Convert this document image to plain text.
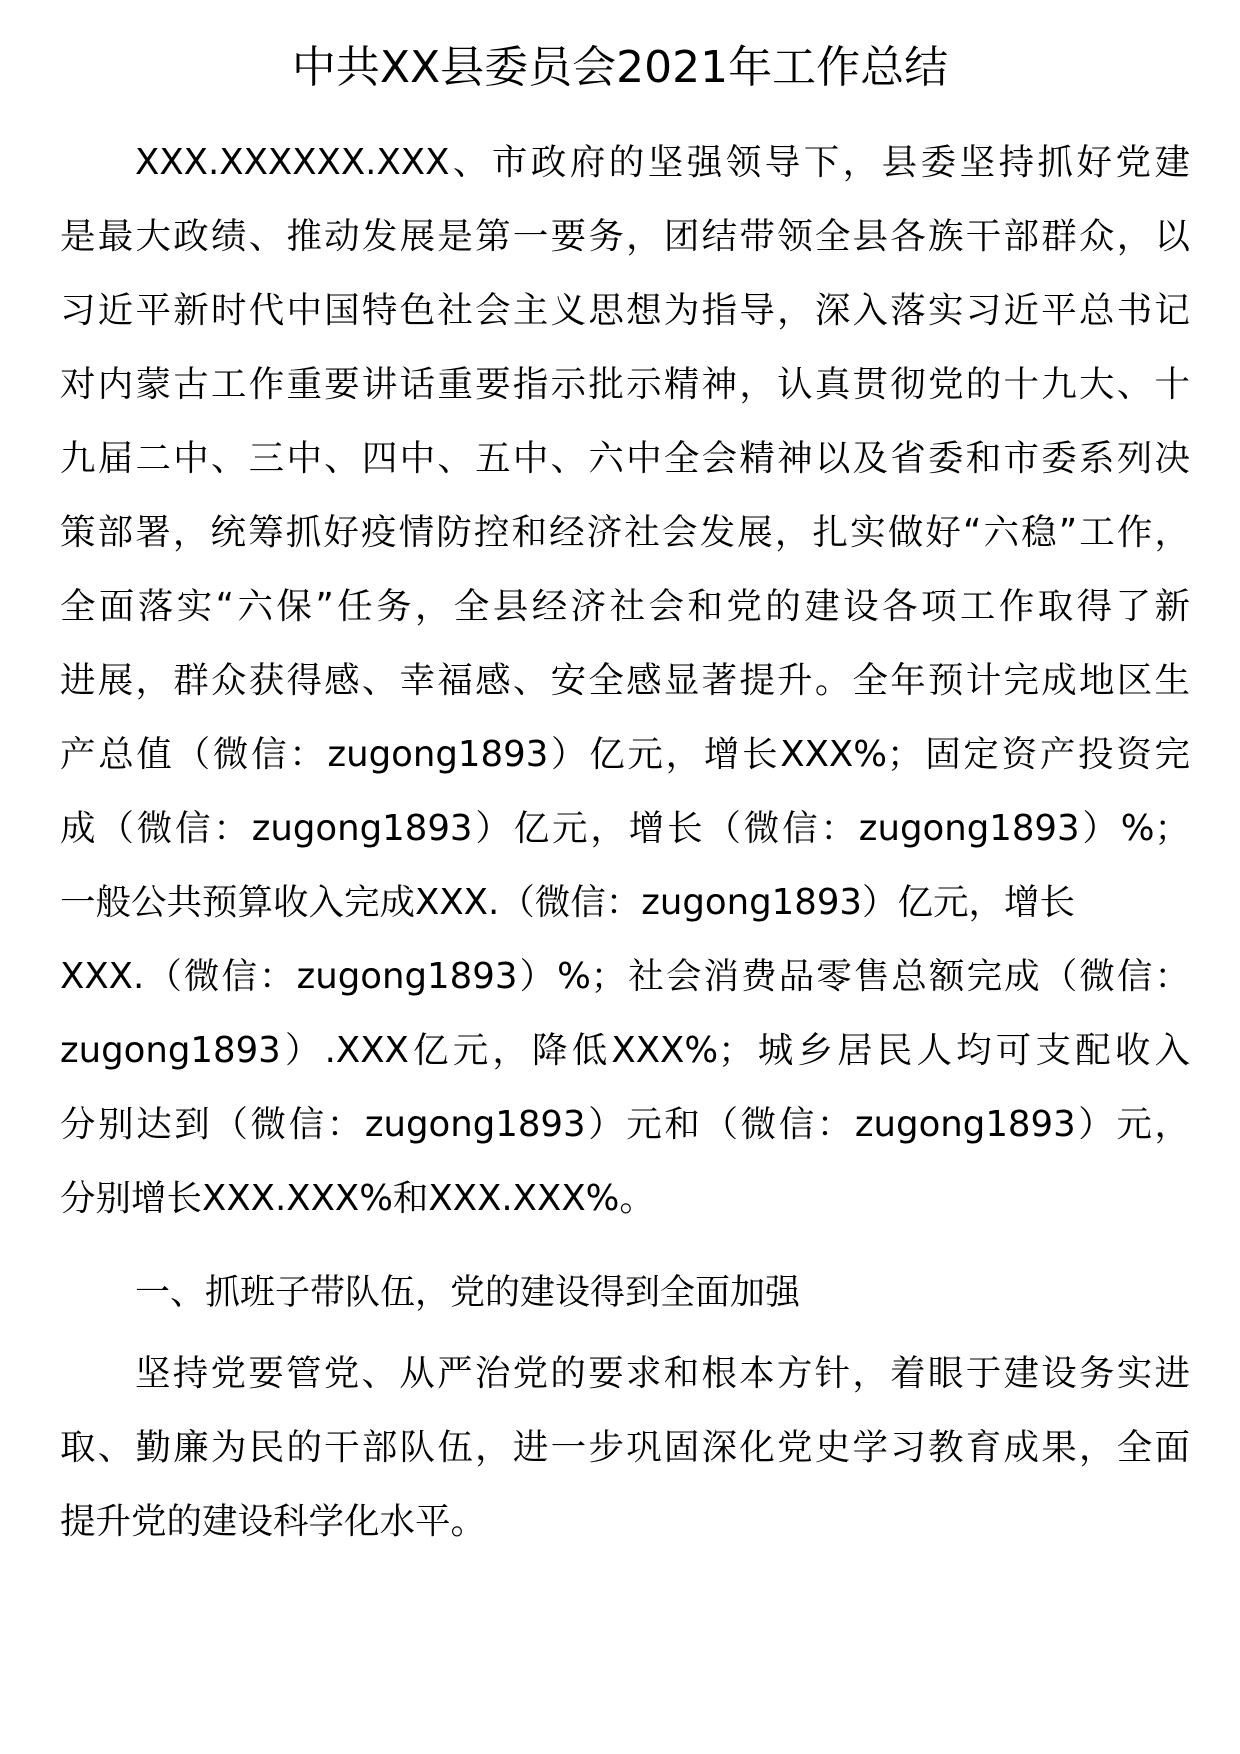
中共XX县委员会2021年工作总结
XXX.XXXXXX.XXX、市政府的坚强领导下，县委坚持抓好党建
是最大政绩、推动发展是第一要务，团结带领全县各族干部群众，以
习近平新时代中国特色社会主义思想为指导，深入落实习近平总书记
对内蒙古工作重要讲话重要指示批示精神，认真贯彻党的十九大、十
九届二中、三中、四中、五中、六中全会精神以及省委和市委系列决
策部署，统筹抓好疫情防控和经济社会发展，扎实做好“六稳”工作，
全面落实“六保”任务，全县经济社会和党的建设各项工作取得了新
进展，群众获得感、幸福感、安全感显著提升。全年预计完成地区生
产总值（微信：zugong1893）亿元，增长XXX%；固定资产投资完
成（微信：zugong1893）亿元，增长（微信：zugong1893）%；
一般公共预算收入完成XXX.（微信：zugong1893）亿元，增长
XXX.（微信：zugong1893）%；社会消费品零售总额完成（微信：
zugong1893）.XXX亿元，降低XXX%；城乡居民人均可支配收入
分别达到（微信：zugong1893）元和（微信：zugong1893）元，
分别增长XXX.XXX%和XXX.XXX%。
一、抓班子带队伍，党的建设得到全面加强
坚持党要管党、从严治党的要求和根本方针，着眼于建设务实进
取、勤廉为民的干部队伍，进一步巩固深化党史学习教育成果，全面
提升党的建设科学化水平。
